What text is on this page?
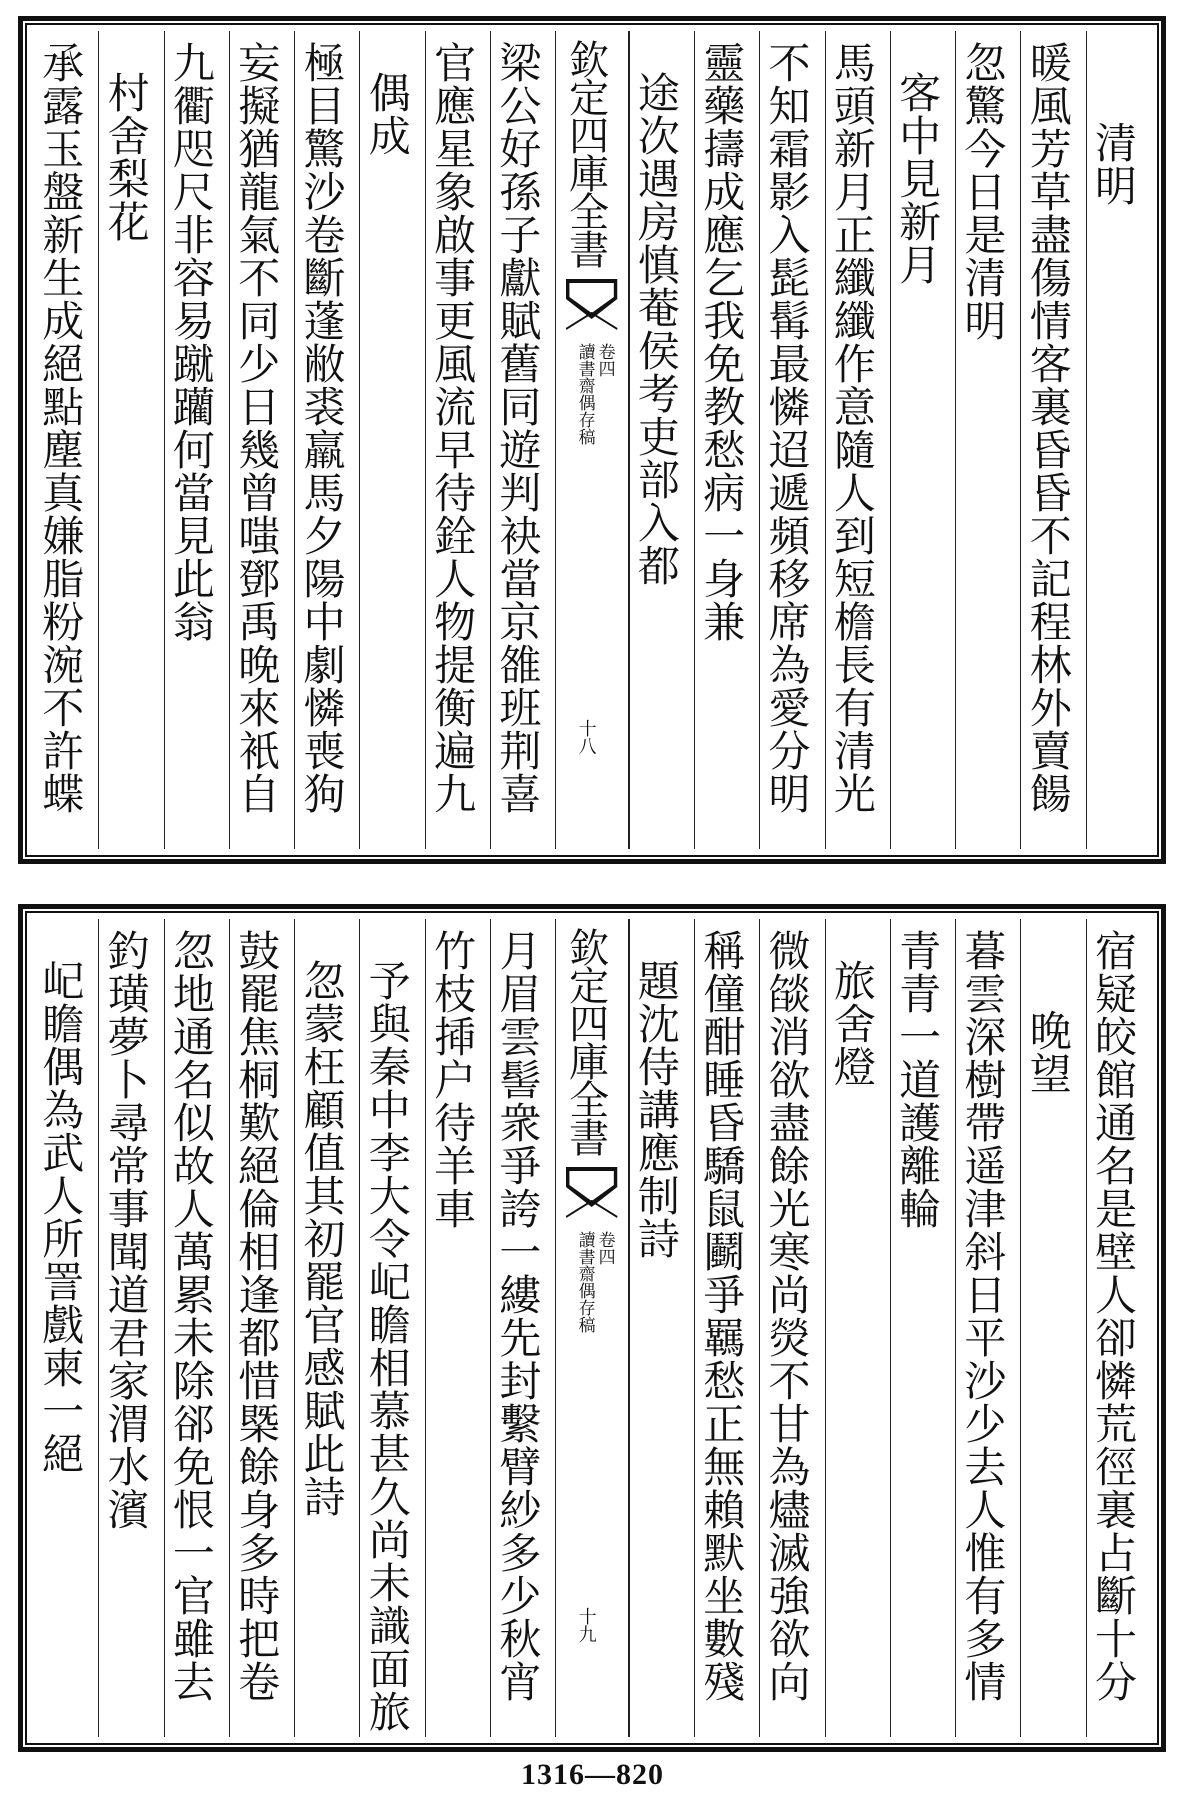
清明
暖風芳草盡傷情客裏昏昏不記程林外賣餳
忽驚今日是清明
客中見新月
馬頭新月正纖纖作意隨人到短檐長有清光
不知霜影入髭髯最憐迢遞頻移席為愛分明
靈藥擣成應乞我免教愁病一身兼
途次遇房慎菴侯考吏部入都
欽定四庫全書
讀書齋偶存稿 卷四
十八
梁公好孫子獻賦舊同遊判袂當京雒班荆喜
官應星象啟事更風流早待銓人物提衡遍九
偶成
極目驚沙卷斷蓬敝裘羸馬夕陽中劇憐喪狗
妄擬猶龍氣不同少日幾曾嗤鄧禹晚來衹自
九衢咫尺非容易蹴躪何當見此翁
村舍梨花
承露玉盤新生成絕點塵真嫌脂粉涴不許蝶
宿疑皎館通名是壁人卻憐荒徑裏占斷十分
晚望
暮雲深樹帶遥津斜日平沙少去人惟有多情
青青一道護離輪
旅舍燈
微燄消欲盡餘光寒尚熒不甘為燼滅強欲向
稱僮酣睡昏驕鼠鬬爭羈愁正無賴默坐數殘
題沈侍講應制詩
欽定四庫全書
讀書齋偶存稿 卷四
十九
月眉雲髻衆爭誇一縷先封繫臂紗多少秋宵
竹枝揷户待羊車
予與秦中李大令屺瞻相慕甚久尚未識面旅
忽蒙枉顧值其初罷官感賦此詩
鼓罷焦桐歎絕倫相逢都惜槩餘身多時把卷
忽地通名似故人萬累未除郤免恨一官雖去
釣璜夢卜尋常事聞道君家渭水濱
屺瞻偶為武人所詈戲柬一絕
1316—820
